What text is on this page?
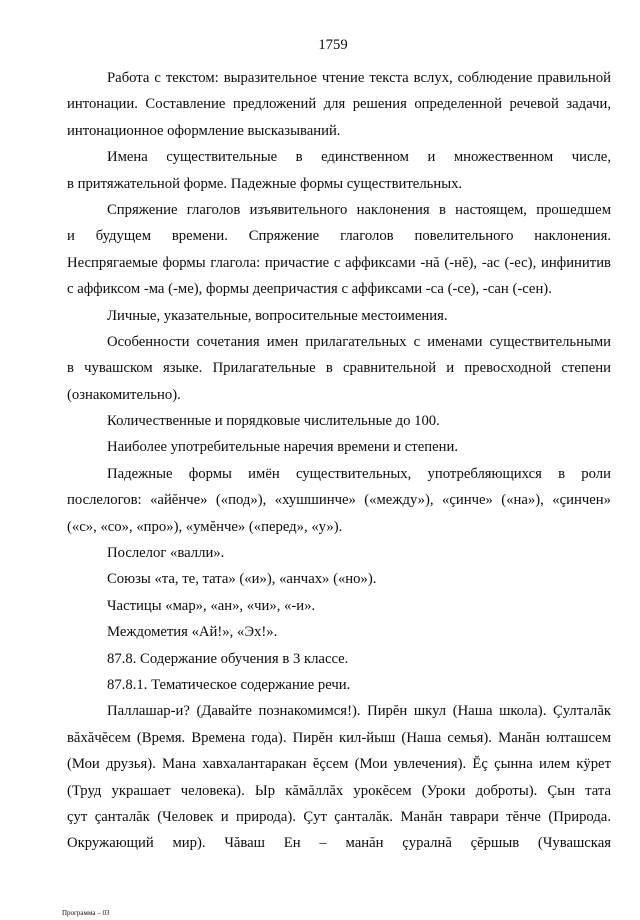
1759
Работа с текстом: выразительное чтение текста вслух, соблюдение правильной
интонации. Составление предложений для решения определенной речевой задачи,
интонационное оформление высказываний.
Имена существительные в единственном и множественном числе,
в притяжательной форме. Падежные формы существительных.
Спряжение глаголов изъявительного наклонения в настоящем, прошедшем
и будущем времени. Спряжение глаголов повелительного наклонения.
Неспрягаемые формы глагола: причастие с аффиксами -нă (-нĕ), -ас (-ес), инфинитив
с аффиксом -ма (-ме), формы деепричастия с аффиксами -са (-се), -сан (-сен).
Личные, указательные, вопросительные местоимения.
Особенности сочетания имен прилагательных с именами существительными
в чувашском языке. Прилагательные в сравнительной и превосходной степени
(ознакомительно).
Количественные и порядковые числительные до 100.
Наиболее употребительные наречия времени и степени.
Падежные формы имён существительных, употребляющихся в роли
послелогов: «айĕнче» («под»), «хушшинче» («между»), «çинче» («на»), «çинчен»
(«с», «со», «про»), «умĕнче» («перед», «у»).
Послелог «валли».
Союзы «та, те, тата» («и»), «анчах» («но»).
Частицы «мар», «ан», «чи», «-и».
Междометия «Ай!», «Эх!».
87.8. Содержание обучения в 3 классе.
87.8.1. Тематическое содержание речи.
Паллашар-и? (Давайте познакомимся!). Пирĕн шкул (Наша школа). Çулталăк
вăхăчĕсем (Время. Времена года). Пирĕн кил-йыш (Наша семья). Манăн юлташсем
(Мои друзья). Мана хавхалантаракан ĕçсем (Мои увлечения). Ĕç çынна илем кÿрет
(Труд украшает человека). Ыр кăмăллăх урокĕсем (Уроки доброты). Çын тата
çут çанталăк (Человек и природа). Çут çанталăк. Манăн таврари тĕнче (Природа.
Окружающий мир). Чăваш Ен – манăн çуралнă çĕршыв (Чувашская
Программа – 03
